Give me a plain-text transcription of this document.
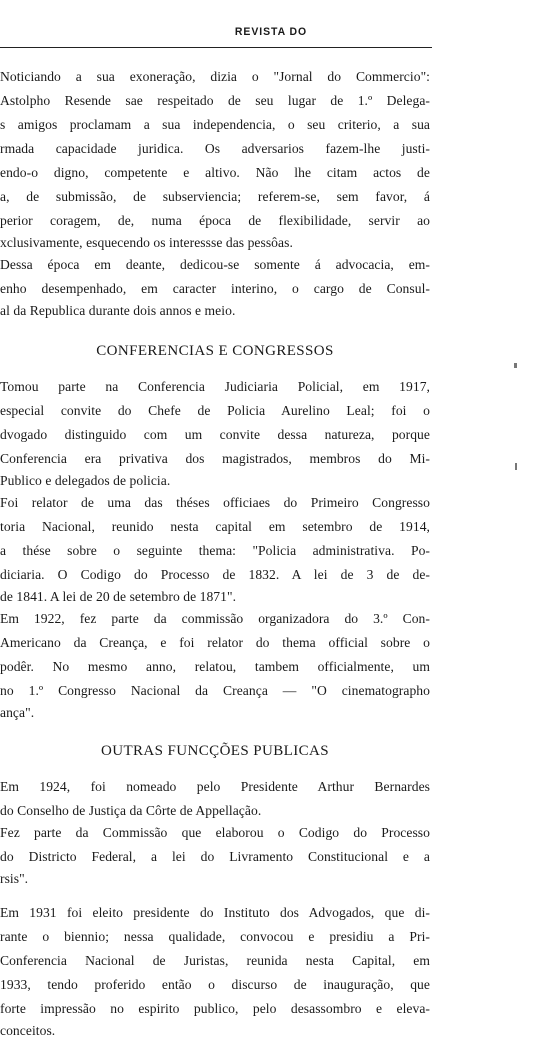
REVISTA DO
Noticiando a sua exoneração, dizia o "Jornal do Commercio":
Astolpho Resende sae respeitado de seu lugar de 1.º Delega-
s amigos proclamam a sua independencia, o seu criterio, a sua
rmada capacidade juridica. Os adversarios fazem-lhe justi-
endo-o digno, competente e altivo. Não lhe citam actos de
a, de submissão, de subserviencia; referem-se, sem favor, á
perior coragem, de, numa época de flexibilidade, servir ao
xclusivamente, esquecendo os interessse das pessôas.
Dessa época em deante, dedicou-se somente á advocacia, em-
enho desempenhado, em caracter interino, o cargo de Consul-
al da Republica durante dois annos e meio.
CONFERENCIAS E CONGRESSOS
Tomou parte na Conferencia Judiciaria Policial, em 1917,
especial convite do Chefe de Policia Aurelino Leal; foi o
dvogado distinguido com um convite dessa natureza, porque
Conferencia era privativa dos magistrados, membros do Mi-
Publico e delegados de policia.
Foi relator de uma das théses officiaes do Primeiro Congresso
toria Nacional, reunido nesta capital em setembro de 1914,
a thése sobre o seguinte thema: "Policia administrativa. Po-
diciaria. O Codigo do Processo de 1832. A lei de 3 de de-
de 1841. A lei de 20 de setembro de 1871".
Em 1922, fez parte da commissão organizadora do 3.º Con-
Americano da Creança, e foi relator do thema official sobre o
podêr. No mesmo anno, relatou, tambem officialmente, um
no 1.º Congresso Nacional da Creança — "O cinematographo
ança".
OUTRAS FUNCÇÕES PUBLICAS
Em 1924, foi nomeado pelo Presidente Arthur Bernardes
do Conselho de Justiça da Côrte de Appellação.
Fez parte da Commissão que elaborou o Codigo do Processo
do Districto Federal, a lei do Livramento Constitucional e a
rsis".
Em 1931 foi eleito presidente do Instituto dos Advogados, que di-
rante o biennio; nessa qualidade, convocou e presidiu a Pri-
Conferencia Nacional de Juristas, reunida nesta Capital, em
1933, tendo proferido então o discurso de inauguração, que
forte impressão no espirito publico, pelo desassombro e eleva-
conceitos.
